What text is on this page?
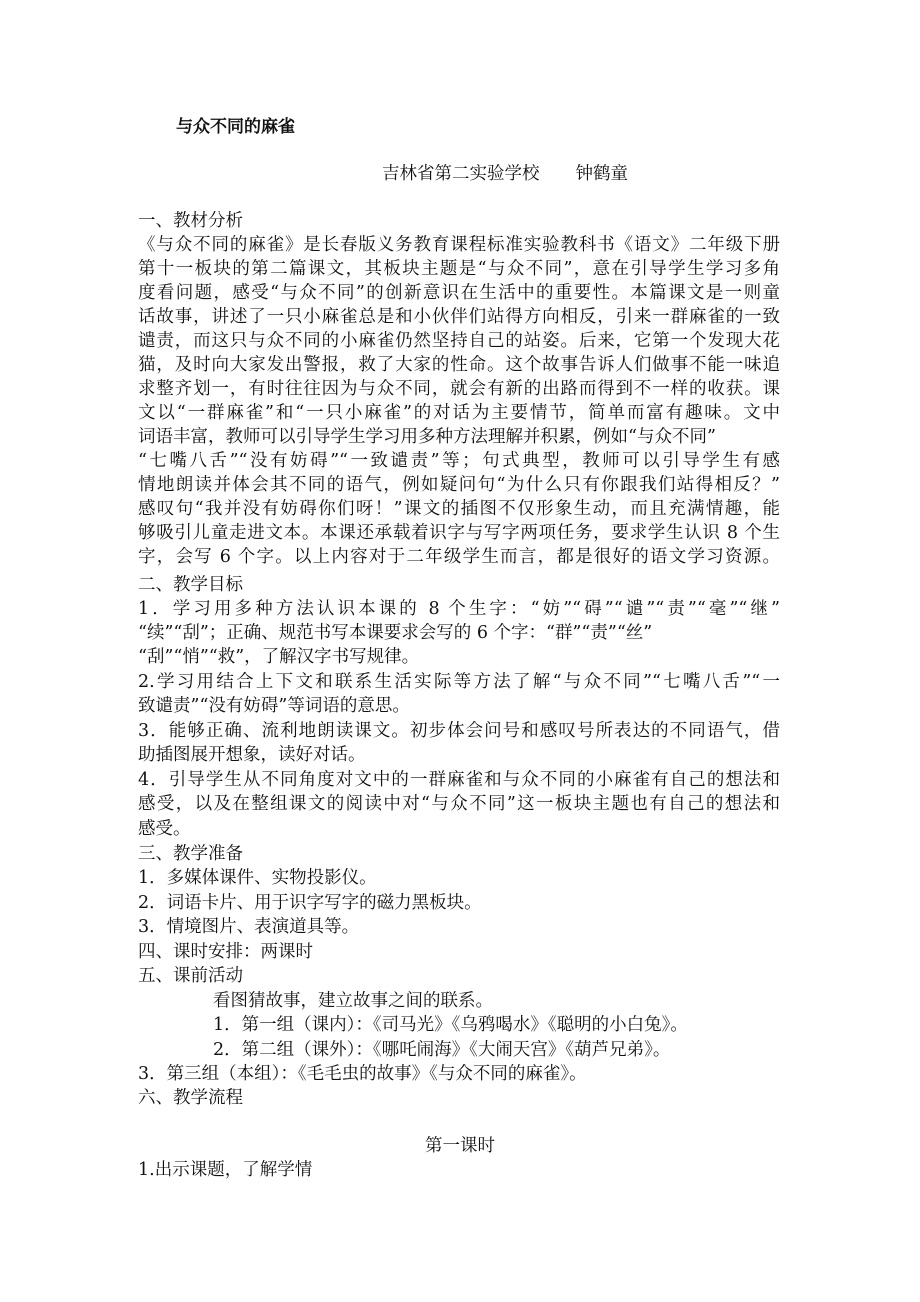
与众不同的麻雀
吉林省第二实验学校 钟鹤童
一、教材分析
《与众不同的麻雀》是长春版义务教育课程标准实验教科书《语文》二年级下册
第十一板块的第二篇课文，其板块主题是“与众不同”，意在引导学生学习多角
度看问题，感受“与众不同”的创新意识在生活中的重要性。本篇课文是一则童
话故事，讲述了一只小麻雀总是和小伙伴们站得方向相反，引来一群麻雀的一致
谴责，而这只与众不同的小麻雀仍然坚持自己的站姿。后来，它第一个发现大花
猫，及时向大家发出警报，救了大家的性命。这个故事告诉人们做事不能一味追
求整齐划一，有时往往因为与众不同，就会有新的出路而得到不一样的收获。课
文以“一群麻雀”和“一只小麻雀”的对话为主要情节，简单而富有趣味。文中
词语丰富，教师可以引导学生学习用多种方法理解并积累，例如“与众不同”
“七嘴八舌”“没有妨碍”“一致谴责”等；句式典型，教师可以引导学生有感
情地朗读并体会其不同的语气，例如疑问句“为什么只有你跟我们站得相反？”
感叹句“我并没有妨碍你们呀！”课文的插图不仅形象生动，而且充满情趣，能
够吸引儿童走进文本。本课还承载着识字与写字两项任务，要求学生认识 8 个生
字，会写 6 个字。以上内容对于二年级学生而言，都是很好的语文学习资源。
二、教学目标
1．学习用多种方法认识本课的 8 个生字：“妨”“碍”“谴”“责”“毫”“继”
“续”“刮”；正确、规范书写本课要求会写的 6 个字：“群”“责”“丝”
“刮”“悄”“救”，了解汉字书写规律。
2.学习用结合上下文和联系生活实际等方法了解“与众不同”“七嘴八舌”“一
致谴责”“没有妨碍”等词语的意思。
3．能够正确、流利地朗读课文。初步体会问号和感叹号所表达的不同语气，借
助插图展开想象，读好对话。
4．引导学生从不同角度对文中的一群麻雀和与众不同的小麻雀有自己的想法和
感受，以及在整组课文的阅读中对“与众不同”这一板块主题也有自己的想法和
感受。
三、教学准备
1．多媒体课件、实物投影仪。
2．词语卡片、用于识字写字的磁力黑板块。
3．情境图片、表演道具等。
四、课时安排：两课时
五、课前活动
看图猜故事，建立故事之间的联系。
1．第一组（课内）：《司马光》《乌鸦喝水》《聪明的小白兔》。
2．第二组（课外）：《哪吒闹海》《大闹天宫》《葫芦兄弟》。
3．第三组（本组）：《毛毛虫的故事》《与众不同的麻雀》。
六、教学流程
第一课时
1.出示课题，了解学情
